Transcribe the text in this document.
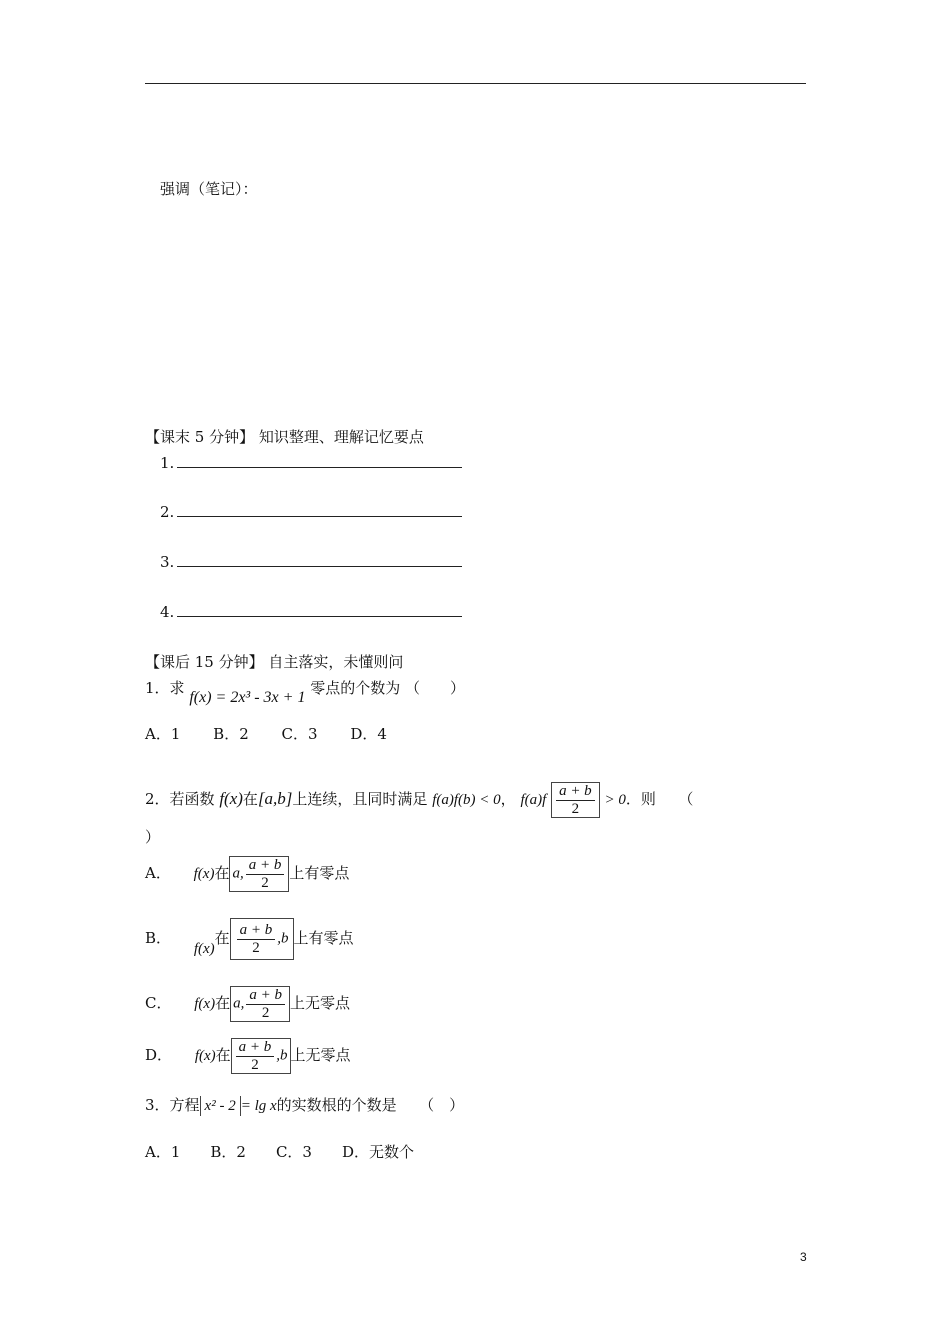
强调（笔记）：
【课末 5 分钟】 知识整理、理解记忆要点
1.
2.
3.
4.
【课后 15 分钟】 自主落实，未懂则问
1．求 f(x) = 2x³ - 3x + 1 零点的个数为 （　　）
A．1 B．2 C．3 D．4
2．若函数 f(x)在[a,b]上连续，且同时满足 f(a)f(b) < 0， $f(a)f \frac{a + b}{2} > 0$．则　　（
）
A． f(x)在 a, $\frac{a + b}{2}$ 上有零点
B． f(x)在 $\frac{a + b}{2} ,b$ 上有零点
C． f(x)在 a, $\frac{a + b}{2}$ 上无零点
D． f(x)在 $\frac{a + b}{2} ,b$ 上无零点
3．方程 x² - 2 = lg x的实数根的个数是　　（　）
A．1　　B．2　　C．3　　D．无数个
3
